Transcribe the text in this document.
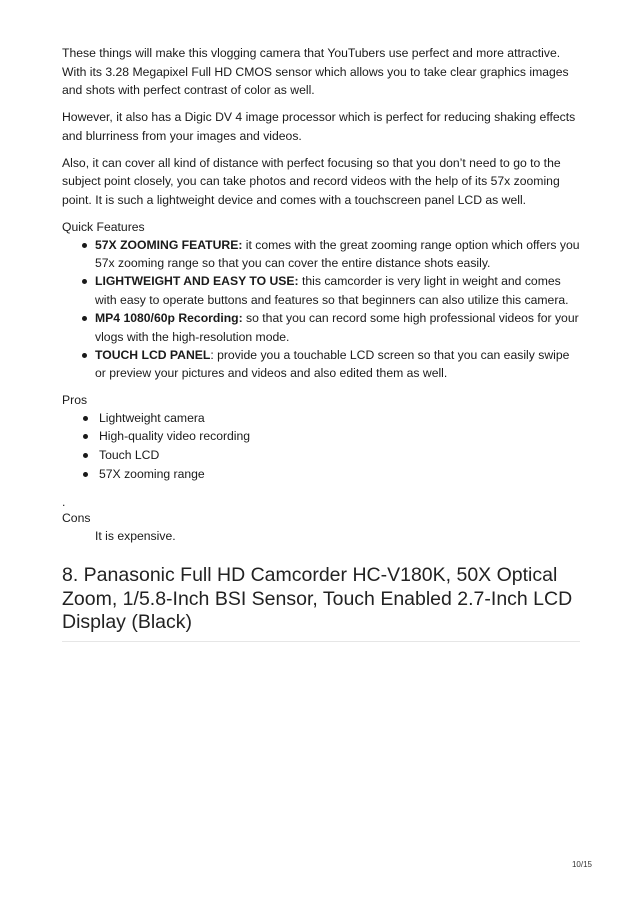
These things will make this vlogging camera that YouTubers use perfect and more attractive. With its 3.28 Megapixel Full HD CMOS sensor which allows you to take clear graphics images and shots with perfect contrast of color as well.

However, it also has a Digic DV 4 image processor which is perfect for reducing shaking effects and blurriness from your images and videos.

Also, it can cover all kind of distance with perfect focusing so that you don’t need to go to the subject point closely, you can take photos and record videos with the help of its 57x zooming point. It is such a lightweight device and comes with a touchscreen panel LCD as well.

Quick Features

57X ZOOMING FEATURE: it comes with the great zooming range option which offers you 57x zooming range so that you can cover the entire distance shots easily.
LIGHTWEIGHT AND EASY TO USE: this camcorder is very light in weight and comes with easy to operate buttons and features so that beginners can also utilize this camera.
MP4 1080/60p Recording: so that you can record some high professional videos for your vlogs with the high-resolution mode.
TOUCH LCD PANEL: provide you a touchable LCD screen so that you can easily swipe or preview your pictures and videos and also edited them as well.

Pros

Lightweight camera
High-quality video recording
Touch LCD
57X zooming range

.

Cons

It is expensive.

8. Panasonic Full HD Camcorder HC-V180K, 50X Optical Zoom, 1/5.8-Inch BSI Sensor, Touch Enabled 2.7-Inch LCD Display (Black)
10/15
